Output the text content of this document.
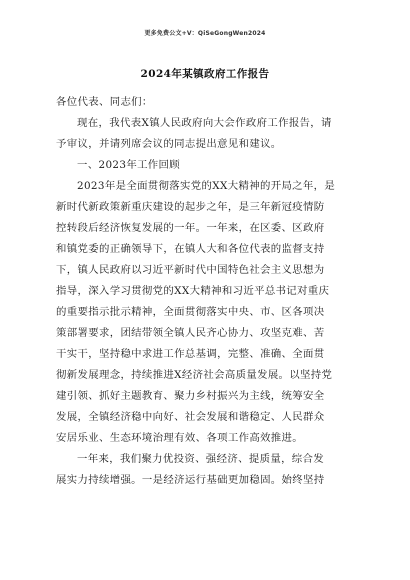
更多免费公文+V：QiSeGongWen2024
2024年某镇政府工作报告
各位代表、同志们：
现在，我代表X镇人民政府向大会作政府工作报告，请
予审议，并请列席会议的同志提出意见和建议。
一、2023年工作回顾
2023年是全面贯彻落实党的XX大精神的开局之年，是
新时代新政策新重庆建设的起步之年，是三年新冠疫情防
控转段后经济恢复发展的一年。一年来，在区委、区政府
和镇党委的正确领导下，在镇人大和各位代表的监督支持
下，镇人民政府以习近平新时代中国特色社会主义思想为
指导，深入学习贯彻党的XX大精神和习近平总书记对重庆
的重要指示批示精神，全面贯彻落实中央、市、区各项决
策部署要求，团结带领全镇人民齐心协力、攻坚克难、苦
干实干，坚持稳中求进工作总基调，完整、准确、全面贯
彻新发展理念，持续推进X经济社会高质量发展。以坚持党
建引领、抓好主题教育、聚力乡村振兴为主线，统筹安全
发展，全镇经济稳中向好、社会发展和谐稳定、人民群众
安居乐业、生态环境治理有效、各项工作高效推进。
一年来，我们聚力优投资、强经济、提质量，综合发
展实力持续增强。一是经济运行基础更加稳固。始终坚持
